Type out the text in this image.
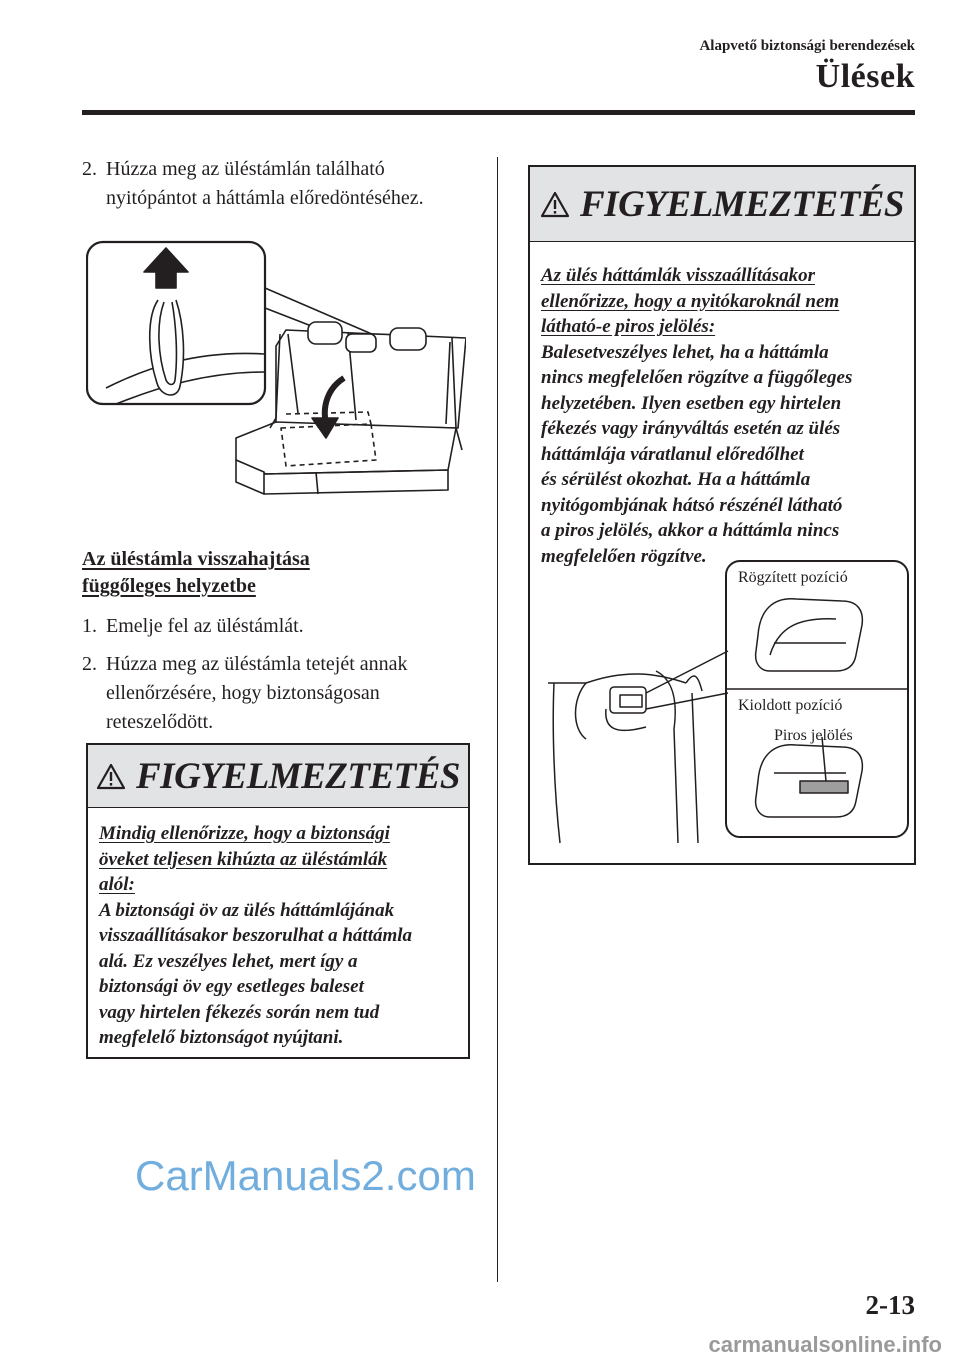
Alapvető biztonsági berendezések
Ülések
2. Húzza meg az üléstámlán található
nyitópántot a háttámla előredöntéséhez.
Az üléstámla visszahajtása
függőleges helyzetbe
1. Emelje fel az üléstámlát.
2. Húzza meg az üléstámla tetejét annak
ellenőrzésére, hogy biztonságosan
reteszelődött.
FIGYELMEZTETÉS
Mindig ellenőrizze, hogy a biztonsági
öveket teljesen kihúzta az üléstámlák
alól:
A biztonsági öv az ülés háttámlájának
visszaállításakor beszorulhat a háttámla
alá. Ez veszélyes lehet, mert így a
biztonsági öv egy esetleges baleset
vagy hirtelen fékezés során nem tud
megfelelő biztonságot nyújtani.
FIGYELMEZTETÉS
Az ülés háttámlák visszaállításakor
ellenőrizze, hogy a nyitókaroknál nem
látható-e piros jelölés:
Balesetveszélyes lehet, ha a háttámla
nincs megfelelően rögzítve a függőleges
helyzetében. Ilyen esetben egy hirtelen
fékezés vagy irányváltás esetén az ülés
háttámlája váratlanul előredőlhet
és sérülést okozhat. Ha a háttámla
nyitógombjának hátsó részénél látható
a piros jelölés, akkor a háttámla nincs
megfelelően rögzítve.
Rögzített pozíció
Kioldott pozíció
Piros jelölés
CarManuals2.com
2-13
carmanualsonline.info
